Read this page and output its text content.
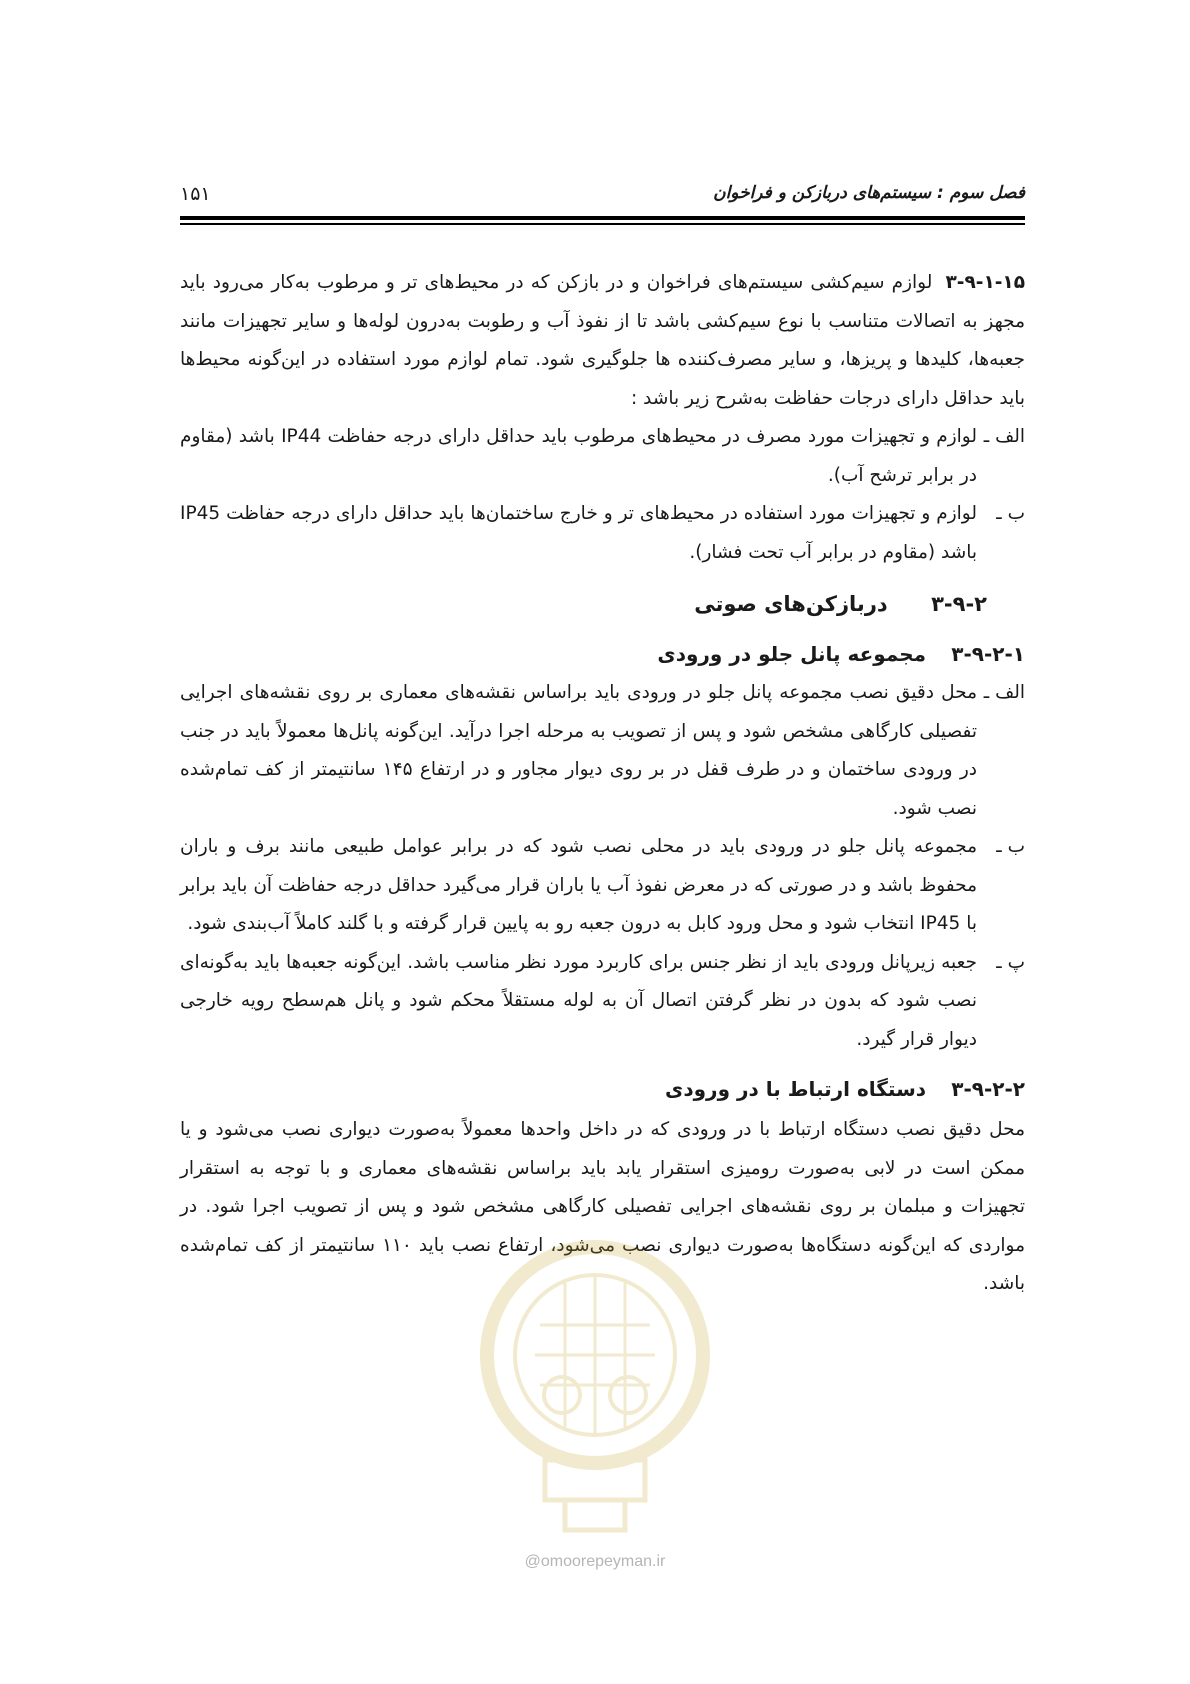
فصل سوم : سیستم‌های دربازکن و فراخوان
۱۵۱

۳-۹-۱-۱۵ لوازم سیم‌کشی سیستم‌های فراخوان و در بازکن که در محیط‌های تر و مرطوب به‌کار می‌رود باید مجهز به اتصالات متناسب با نوع سیم‌کشی باشد تا از نفوذ آب و رطوبت به‌درون لوله‌ها و سایر تجهیزات مانند جعبه‌ها، کلیدها و پریزها، و سایر مصرف‌کننده ها جلوگیری شود. تمام لوازم مورد استفاده در این‌گونه محیط‌ها باید حداقل دارای درجات حفاظت به‌شرح زیر باشد :

الف ـ
لوازم و تجهیزات مورد مصرف در محیط‌های مرطوب باید حداقل دارای درجه حفاظت IP44 باشد (مقاوم در برابر ترشح آب).
ب ـ
لوازم و تجهیزات مورد استفاده در محیط‌های تر و خارج ساختمان‌ها باید حداقل دارای درجه حفاظت IP45 باشد (مقاوم در برابر آب تحت فشار).
۳-۹-۲ دربازکن‌های صوتی
۳-۹-۲-۱ مجموعه پانل جلو در ورودی
الف ـ
محل دقیق نصب مجموعه پانل جلو در ورودی باید براساس نقشه‌های معماری بر روی نقشه‌های اجرایی تفصیلی کارگاهی مشخص شود و پس از تصویب به مرحله اجرا درآید. این‌گونه پانل‌ها معمولاً باید در جنب در ورودی ساختمان و در طرف قفل در بر روی دیوار مجاور و در ارتفاع ۱۴۵ سانتیمتر از کف تمام‌شده نصب شود.
ب ـ
مجموعه پانل جلو در ورودی باید در محلی نصب شود که در برابر عوامل طبیعی مانند برف و باران محفوظ باشد و در صورتی که در معرض نفوذ آب یا باران قرار می‌گیرد حداقل درجه حفاظت آن باید برابر با IP45 انتخاب شود و محل ورود کابل به درون جعبه رو به پایین قرار گرفته و با گلند کاملاً آب‌بندی شود.
پ ـ
جعبه زیرپانل ورودی باید از نظر جنس برای کاربرد مورد نظر مناسب باشد. این‌گونه جعبه‌ها باید به‌گونه‌ای نصب شود که بدون در نظر گرفتن اتصال آن به لوله مستقلاً محکم شود و پانل هم‌سطح رویه خارجی دیوار قرار گیرد.
۳-۹-۲-۲ دستگاه ارتباط با در ورودی

محل دقیق نصب دستگاه ارتباط با در ورودی که در داخل واحدها معمولاً به‌صورت دیواری نصب می‌شود و یا ممکن است در لابی به‌صورت رومیزی استقرار یابد باید براساس نقشه‌های معماری و با توجه به استقرار تجهیزات و مبلمان بر روی نقشه‌های اجرایی تفصیلی کارگاهی مشخص شود و پس از تصویب اجرا شود. در مواردی که این‌گونه دستگاه‌ها به‌صورت دیواری نصب می‌شود، ارتفاع نصب باید ۱۱۰ سانتیمتر از کف تمام‌شده باشد.

@omoorepeyman.ir
